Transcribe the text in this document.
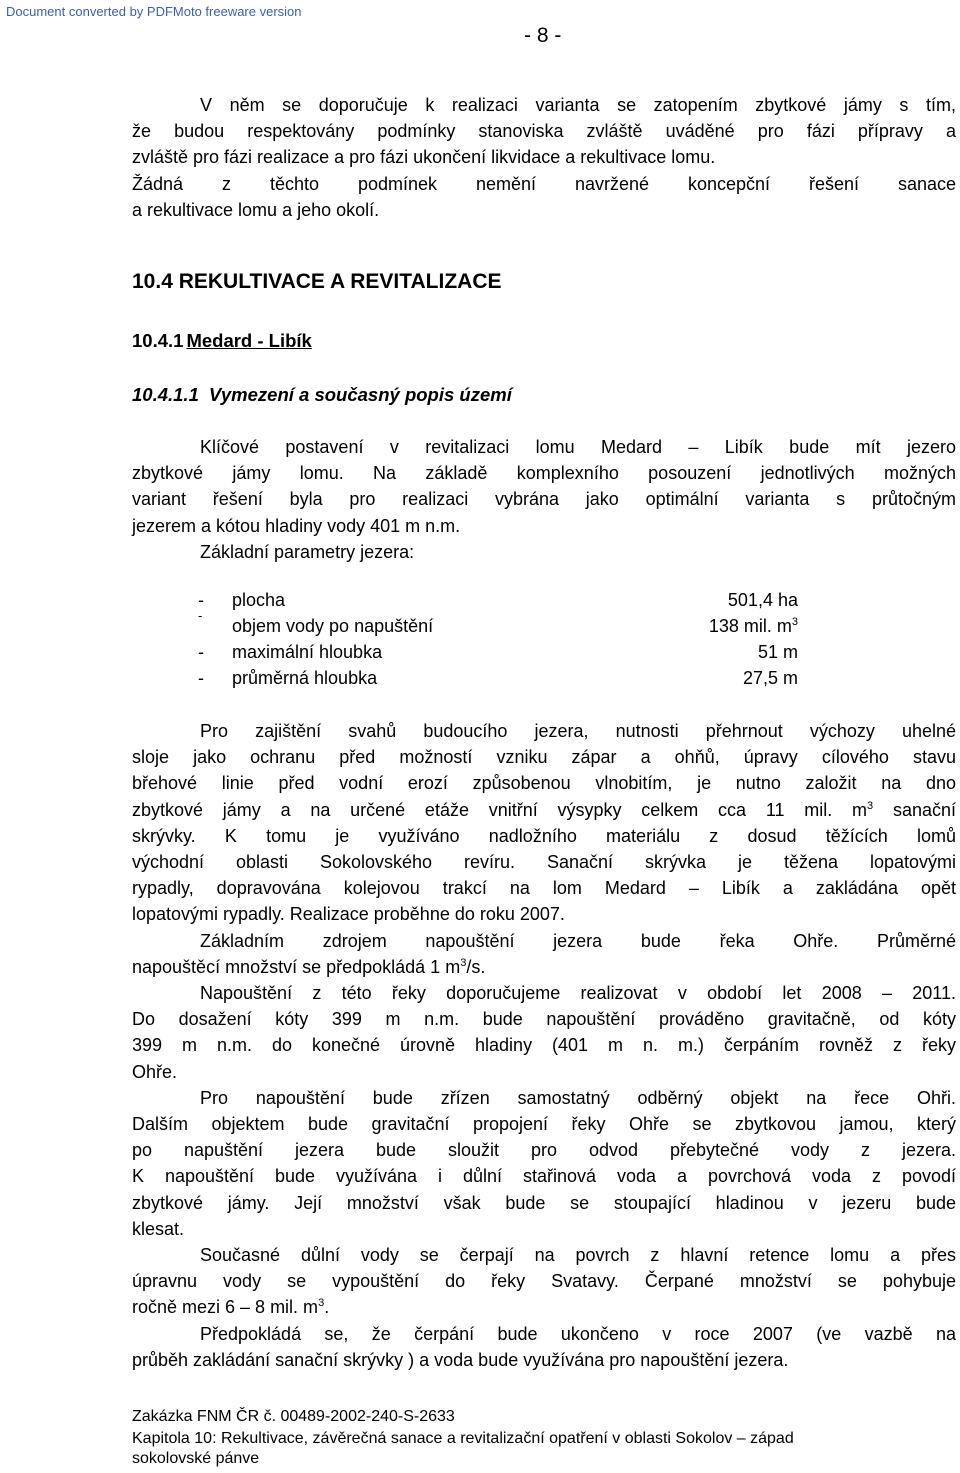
Document converted by PDFMoto freeware version
- 8 -

V něm se doporučuje k realizaci varianta se zatopením zbytkové jámy s tím,

že budou respektovány podmínky stanoviska zvláště uváděné pro fázi přípravy a

zvláště pro fázi realizace a pro fázi ukončení likvidace a rekultivace lomu.

Žádná z těchto podmínek nemění navržené koncepční řešení sanace

a rekultivace lomu a jeho okolí.

10.4 REKULTIVACE A REVITALIZACE
10.4.1 Medard - Libík
10.4.1.1 Vymezení a současný popis území

Klíčové postavení v revitalizaci lomu Medard – Libík bude mít jezero

zbytkové jámy lomu. Na základě komplexního posouzení jednotlivých možných

variant řešení byla pro realizaci vybrána jako optimální varianta s průtočným

jezerem a kótou hladiny vody 401 m n.m.

Základní parametry jezera:

- plocha	501,4 ha
-
objem vody po napuštění	138 mil. $m^3$
- maximální hloubka	51 m
- průměrná hloubka	27,5 m

Pro zajištění svahů budoucího jezera, nutnosti přehrnout výchozy uhelné

sloje jako ochranu před možností vzniku zápar a ohňů, úpravy cílového stavu

břehové linie před vodní erozí způsobenou vlnobitím, je nutno založit na dno

zbytkové jámy a na určené etáže vnitřní výsypky celkem cca 11 mil. $m^3$ sanační

skrývky. K tomu je využíváno nadložního materiálu z dosud těžících lomů

východní oblasti Sokolovského revíru. Sanační skrývka je těžena lopatovými

rypadly, dopravována kolejovou trakcí na lom Medard – Libík a zakládána opět

lopatovými rypadly. Realizace proběhne do roku 2007.

Základním zdrojem napouštění jezera bude řeka Ohře. Průměrné

napouštěcí množství se předpokládá 1 $m^3/s$.

Napouštění z této řeky doporučujeme realizovat v období let 2008 – 2011.

Do dosažení kóty 399 m n.m. bude napouštění prováděno gravitačně, od kóty

399 m n.m. do konečné úrovně hladiny (401 m n. m.) čerpáním rovněž z řeky

Ohře.

Pro napouštění bude zřízen samostatný odběrný objekt na řece Ohři.

Dalším objektem bude gravitační propojení řeky Ohře se zbytkovou jamou, který

po napuštění jezera bude sloužit pro odvod přebytečné vody z jezera.

K napouštění bude využívána i důlní stařinová voda a povrchová voda z povodí

zbytkové jámy. Její množství však bude se stoupající hladinou v jezeru bude

klesat.

Současné důlní vody se čerpají na povrch z hlavní retence lomu a přes

úpravnu vody se vypouštění do řeky Svatavy. Čerpané množství se pohybuje

ročně mezi 6 – 8 mil. $m^3$.

Předpokládá se, že čerpání bude ukončeno v roce 2007 (ve vazbě na

průběh zakládání sanační skrývky ) a voda bude využívána pro napouštění jezera.

Zakázka FNM ČR č. 00489-2002-240-S-2633
Kapitola 10: Rekultivace, závěrečná sanace a revitalizační opatření v oblasti Sokolov – západ
sokolovské pánve
